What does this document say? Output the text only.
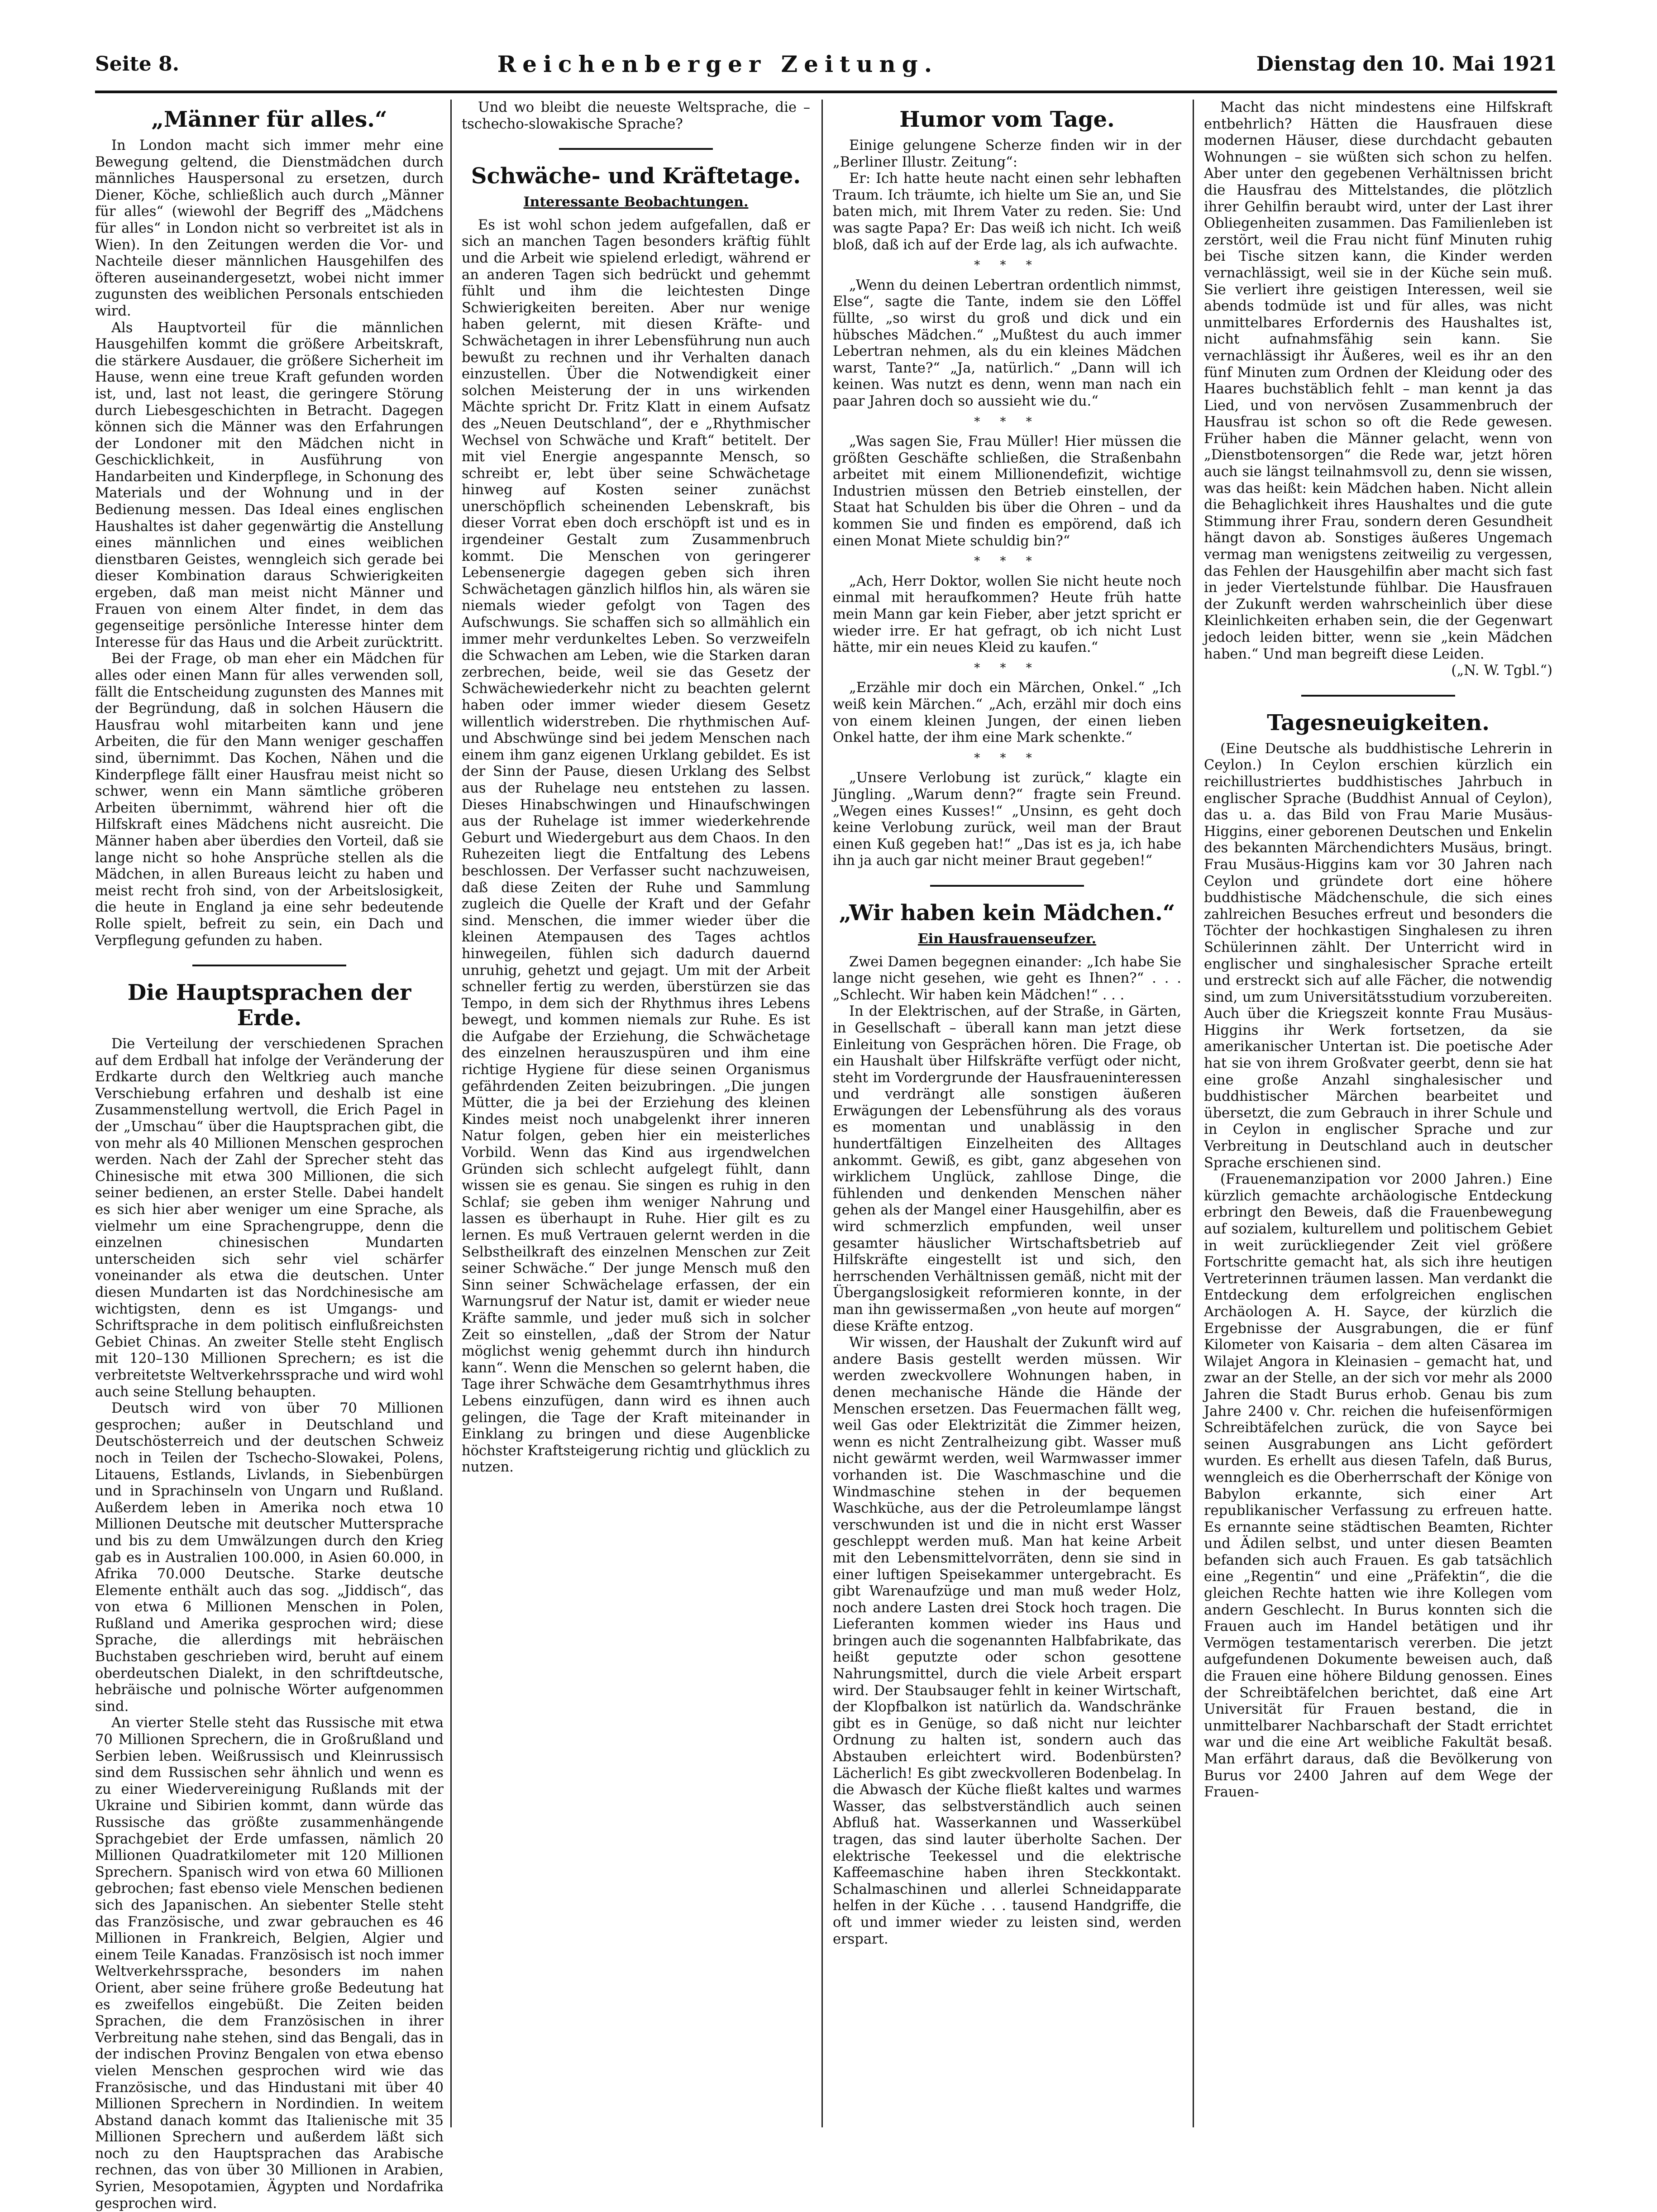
Seite 8.	Reichenberger Zeitung.	Dienstag den 10. Mai 1921
„Männer für alles.“

In London macht sich immer mehr eine Bewegung geltend, die Dienstmädchen durch männliches Hauspersonal zu ersetzen, durch Diener, Köche, schließlich auch durch „Männer für alles“ (wiewohl der Begriff des „Mädchens für alles“ in London nicht so verbreitet ist als in Wien). In den Zeitungen werden die Vor- und Nachteile dieser männlichen Hausgehilfen des öfteren auseinandergesetzt, wobei nicht immer zugunsten des weiblichen Personals entschieden wird.

Als Hauptvorteil für die männlichen Hausgehilfen kommt die größere Arbeitskraft, die stärkere Ausdauer, die größere Sicherheit im Hause, wenn eine treue Kraft gefunden worden ist, und, last not least, die geringere Störung durch Liebesgeschichten in Betracht. Dagegen können sich die Männer was den Erfahrungen der Londoner mit den Mädchen nicht in Geschicklichkeit, in Ausführung von Handarbeiten und Kinderpflege, in Schonung des Materials und der Wohnung und in der Bedienung messen. Das Ideal eines englischen Haushaltes ist daher gegenwärtig die Anstellung eines männlichen und eines weiblichen dienstbaren Geistes, wenngleich sich gerade bei dieser Kombination daraus Schwierigkeiten ergeben, daß man meist nicht Männer und Frauen von einem Alter findet, in dem das gegenseitige persönliche Interesse hinter dem Interesse für das Haus und die Arbeit zurücktritt.

Bei der Frage, ob man eher ein Mädchen für alles oder einen Mann für alles verwenden soll, fällt die Entscheidung zugunsten des Mannes mit der Begründung, daß in solchen Häusern die Hausfrau wohl mitarbeiten kann und jene Arbeiten, die für den Mann weniger geschaffen sind, übernimmt. Das Kochen, Nähen und die Kinderpflege fällt einer Hausfrau meist nicht so schwer, wenn ein Mann sämtliche gröberen Arbeiten übernimmt, während hier oft die Hilfskraft eines Mädchens nicht ausreicht. Die Männer haben aber überdies den Vorteil, daß sie lange nicht so hohe Ansprüche stellen als die Mädchen, in allen Bureaus leicht zu haben und meist recht froh sind, von der Arbeitslosigkeit, die heute in England ja eine sehr bedeutende Rolle spielt, befreit zu sein, ein Dach und Verpflegung gefunden zu haben.

Die Hauptsprachen der Erde.

Die Verteilung der verschiedenen Sprachen auf dem Erdball hat infolge der Veränderung der Erdkarte durch den Weltkrieg auch manche Verschiebung erfahren und deshalb ist eine Zusammenstellung wertvoll, die Erich Pagel in der „Umschau“ über die Hauptsprachen gibt, die von mehr als 40 Millionen Menschen gesprochen werden. Nach der Zahl der Sprecher steht das Chinesische mit etwa 300 Millionen, die sich seiner bedienen, an erster Stelle. Dabei handelt es sich hier aber weniger um eine Sprache, als vielmehr um eine Sprachengruppe, denn die einzelnen chinesischen Mundarten unterscheiden sich sehr viel schärfer voneinander als etwa die deutschen. Unter diesen Mundarten ist das Nordchinesische am wichtigsten, denn es ist Umgangs- und Schriftsprache in dem politisch einflußreichsten Gebiet Chinas. An zweiter Stelle steht Englisch mit 120–130 Millionen Sprechern; es ist die verbreitetste Weltverkehrssprache und wird wohl auch seine Stellung behaupten.

Deutsch wird von über 70 Millionen gesprochen; außer in Deutschland und Deutschösterreich und der deutschen Schweiz noch in Teilen der Tschecho-Slowakei, Polens, Litauens, Estlands, Livlands, in Siebenbürgen und in Sprachinseln von Ungarn und Rußland. Außerdem leben in Amerika noch etwa 10 Millionen Deutsche mit deutscher Muttersprache und bis zu dem Umwälzungen durch den Krieg gab es in Australien 100.000, in Asien 60.000, in Afrika 70.000 Deutsche. Starke deutsche Elemente enthält auch das sog. „Jiddisch“, das von etwa 6 Millionen Menschen in Polen, Rußland und Amerika gesprochen wird; diese Sprache, die allerdings mit hebräischen Buchstaben geschrieben wird, beruht auf einem oberdeutschen Dialekt, in den schriftdeutsche, hebräische und polnische Wörter aufgenommen sind.

An vierter Stelle steht das Russische mit etwa 70 Millionen Sprechern, die in Großrußland und Serbien leben. Weißrussisch und Kleinrussisch sind dem Russischen sehr ähnlich und wenn es zu einer Wiedervereinigung Rußlands mit der Ukraine und Sibirien kommt, dann würde das Russische das größte zusammenhängende Sprachgebiet der Erde umfassen, nämlich 20 Millionen Quadratkilometer mit 120 Millionen Sprechern. Spanisch wird von etwa 60 Millionen gebrochen; fast ebenso viele Menschen bedienen sich des Japanischen. An siebenter Stelle steht das Französische, und zwar gebrauchen es 46 Millionen in Frankreich, Belgien, Algier und einem Teile Kanadas. Französisch ist noch immer Weltverkehrssprache, besonders im nahen Orient, aber seine frühere große Bedeutung hat es zweifellos eingebüßt. Die Zeiten beiden Sprachen, die dem Französischen in ihrer Verbreitung nahe stehen, sind das Bengali, das in der indischen Provinz Bengalen von etwa ebenso vielen Menschen gesprochen wird wie das Französische, und das Hindustani mit über 40 Millionen Sprechern in Nordindien. In weitem Abstand danach kommt das Italienische mit 35 Millionen Sprechern und außerdem läßt sich noch zu den Hauptsprachen das Arabische rechnen, das von über 30 Millionen in Arabien, Syrien, Mesopotamien, Ägypten und Nordafrika gesprochen wird.

Und wo bleibt die neueste Weltsprache, die – tschecho-slowakische Sprache?

Schwäche- und Kräftetage.
Interessante Beobachtungen.

Es ist wohl schon jedem aufgefallen, daß er sich an manchen Tagen besonders kräftig fühlt und die Arbeit wie spielend erledigt, während er an anderen Tagen sich bedrückt und gehemmt fühlt und ihm die leichtesten Dinge Schwierigkeiten bereiten. Aber nur wenige haben gelernt, mit diesen Kräfte- und Schwächetagen in ihrer Lebensführung nun auch bewußt zu rechnen und ihr Verhalten danach einzustellen. Über die Notwendigkeit einer solchen Meisterung der in uns wirkenden Mächte spricht Dr. Fritz Klatt in einem Aufsatz des „Neuen Deutschland“, der e „Rhythmischer Wechsel von Schwäche und Kraft“ betitelt. Der mit viel Energie angespannte Mensch, so schreibt er, lebt über seine Schwächetage hinweg auf Kosten seiner zunächst unerschöpflich scheinenden Lebenskraft, bis dieser Vorrat eben doch erschöpft ist und es in irgendeiner Gestalt zum Zusammenbruch kommt. Die Menschen von geringerer Lebensenergie dagegen geben sich ihren Schwächetagen gänzlich hilflos hin, als wären sie niemals wieder gefolgt von Tagen des Aufschwungs. Sie schaffen sich so allmählich ein immer mehr verdunkeltes Leben. So verzweifeln die Schwachen am Leben, wie die Starken daran zerbrechen, beide, weil sie das Gesetz der Schwächewiederkehr nicht zu beachten gelernt haben oder immer wieder diesem Gesetz willentlich widerstreben. Die rhythmischen Auf- und Abschwünge sind bei jedem Menschen nach einem ihm ganz eigenen Urklang gebildet. Es ist der Sinn der Pause, diesen Urklang des Selbst aus der Ruhelage neu entstehen zu lassen. Dieses Hinabschwingen und Hinaufschwingen aus der Ruhelage ist immer wiederkehrende Geburt und Wiedergeburt aus dem Chaos. In den Ruhezeiten liegt die Entfaltung des Lebens beschlossen. Der Verfasser sucht nachzuweisen, daß diese Zeiten der Ruhe und Sammlung zugleich die Quelle der Kraft und der Gefahr sind. Menschen, die immer wieder über die kleinen Atempausen des Tages achtlos hinwegeilen, fühlen sich dadurch dauernd unruhig, gehetzt und gejagt. Um mit der Arbeit schneller fertig zu werden, überstürzen sie das Tempo, in dem sich der Rhythmus ihres Lebens bewegt, und kommen niemals zur Ruhe. Es ist die Aufgabe der Erziehung, die Schwächetage des einzelnen herauszuspüren und ihm eine richtige Hygiene für diese seinen Organismus gefährdenden Zeiten beizubringen. „Die jungen Mütter, die ja bei der Erziehung des kleinen Kindes meist noch unabgelenkt ihrer inneren Natur folgen, geben hier ein meisterliches Vorbild. Wenn das Kind aus irgendwelchen Gründen sich schlecht aufgelegt fühlt, dann wissen sie es genau. Sie singen es ruhig in den Schlaf; sie geben ihm weniger Nahrung und lassen es überhaupt in Ruhe. Hier gilt es zu lernen. Es muß Vertrauen gelernt werden in die Selbstheilkraft des einzelnen Menschen zur Zeit seiner Schwäche.“ Der junge Mensch muß den Sinn seiner Schwächelage erfassen, der ein Warnungsruf der Natur ist, damit er wieder neue Kräfte sammle, und jeder muß sich in solcher Zeit so einstellen, „daß der Strom der Natur möglichst wenig gehemmt durch ihn hindurch kann“. Wenn die Menschen so gelernt haben, die Tage ihrer Schwäche dem Gesamtrhythmus ihres Lebens einzufügen, dann wird es ihnen auch gelingen, die Tage der Kraft miteinander in Einklang zu bringen und diese Augenblicke höchster Kraftsteigerung richtig und glücklich zu nutzen.

Humor vom Tage.

Einige gelungene Scherze finden wir in der „Berliner Illustr. Zeitung“:

Er: Ich hatte heute nacht einen sehr lebhaften Traum. Ich träumte, ich hielte um Sie an, und Sie baten mich, mit Ihrem Vater zu reden. Sie: Und was sagte Papa? Er: Das weiß ich nicht. Ich weiß bloß, daß ich auf der Erde lag, als ich aufwachte.

* * *

„Wenn du deinen Lebertran ordentlich nimmst, Else“, sagte die Tante, indem sie den Löffel füllte, „so wirst du groß und dick und ein hübsches Mädchen.“ „Mußtest du auch immer Lebertran nehmen, als du ein kleines Mädchen warst, Tante?“ „Ja, natürlich.“ „Dann will ich keinen. Was nutzt es denn, wenn man nach ein paar Jahren doch so aussieht wie du.“

* * *

„Was sagen Sie, Frau Müller! Hier müssen die größten Geschäfte schließen, die Straßenbahn arbeitet mit einem Millionendefizit, wichtige Industrien müssen den Betrieb einstellen, der Staat hat Schulden bis über die Ohren – und da kommen Sie und finden es empörend, daß ich einen Monat Miete schuldig bin?“

* * *

„Ach, Herr Doktor, wollen Sie nicht heute noch einmal mit heraufkommen? Heute früh hatte mein Mann gar kein Fieber, aber jetzt spricht er wieder irre. Er hat gefragt, ob ich nicht Lust hätte, mir ein neues Kleid zu kaufen.“

* * *

„Erzähle mir doch ein Märchen, Onkel.“ „Ich weiß kein Märchen.“ „Ach, erzähl mir doch eins von einem kleinen Jungen, der einen lieben Onkel hatte, der ihm eine Mark schenkte.“

* * *

„Unsere Verlobung ist zurück,“ klagte ein Jüngling. „Warum denn?“ fragte sein Freund. „Wegen eines Kusses!“ „Unsinn, es geht doch keine Verlobung zurück, weil man der Braut einen Kuß gegeben hat!“ „Das ist es ja, ich habe ihn ja auch gar nicht meiner Braut gegeben!“

„Wir haben kein Mädchen.“
Ein Hausfrauenseufzer.

Zwei Damen begegnen einander: „Ich habe Sie lange nicht gesehen, wie geht es Ihnen?“ . . . „Schlecht. Wir haben kein Mädchen!“ . . .

In der Elektrischen, auf der Straße, in Gärten, in Gesellschaft – überall kann man jetzt diese Einleitung von Gesprächen hören. Die Frage, ob ein Haushalt über Hilfskräfte verfügt oder nicht, steht im Vordergrunde der Hausfraueninteressen und verdrängt alle sonstigen äußeren Erwägungen der Lebensführung als des voraus es momentan und unablässig in den hundertfältigen Einzelheiten des Alltages ankommt. Gewiß, es gibt, ganz abgesehen von wirklichem Unglück, zahllose Dinge, die fühlenden und denkenden Menschen näher gehen als der Mangel einer Hausgehilfin, aber es wird schmerzlich empfunden, weil unser gesamter häuslicher Wirtschaftsbetrieb auf Hilfskräfte eingestellt ist und sich, den herrschenden Verhältnissen gemäß, nicht mit der Übergangslosigkeit reformieren konnte, in der man ihn gewissermaßen „von heute auf morgen“ diese Kräfte entzog.

Wir wissen, der Haushalt der Zukunft wird auf andere Basis gestellt werden müssen. Wir werden zweckvollere Wohnungen haben, in denen mechanische Hände die Hände der Menschen ersetzen. Das Feuermachen fällt weg, weil Gas oder Elektrizität die Zimmer heizen, wenn es nicht Zentralheizung gibt. Wasser muß nicht gewärmt werden, weil Warmwasser immer vorhanden ist. Die Waschmaschine und die Windmaschine stehen in der bequemen Waschküche, aus der die Petroleumlampe längst verschwunden ist und die in nicht erst Wasser geschleppt werden muß. Man hat keine Arbeit mit den Lebensmittelvorräten, denn sie sind in einer luftigen Speisekammer untergebracht. Es gibt Warenaufzüge und man muß weder Holz, noch andere Lasten drei Stock hoch tragen. Die Lieferanten kommen wieder ins Haus und bringen auch die sogenannten Halbfabrikate, das heißt geputzte oder schon gesottene Nahrungsmittel, durch die viele Arbeit erspart wird. Der Staubsauger fehlt in keiner Wirtschaft, der Klopfbalkon ist natürlich da. Wandschränke gibt es in Genüge, so daß nicht nur leichter Ordnung zu halten ist, sondern auch das Abstauben erleichtert wird. Bodenbürsten? Lächerlich! Es gibt zweckvolleren Bodenbelag. In die Abwasch der Küche fließt kaltes und warmes Wasser, das selbstverständlich auch seinen Abfluß hat. Wasserkannen und Wasserkübel tragen, das sind lauter überholte Sachen. Der elektrische Teekessel und die elektrische Kaffeemaschine haben ihren Steckkontakt. Schalmaschinen und allerlei Schneidapparate helfen in der Küche . . . tausend Handgriffe, die oft und immer wieder zu leisten sind, werden erspart.

Macht das nicht mindestens eine Hilfskraft entbehrlich? Hätten die Hausfrauen diese modernen Häuser, diese durchdacht gebauten Wohnungen – sie wüßten sich schon zu helfen. Aber unter den gegebenen Verhältnissen bricht die Hausfrau des Mittelstandes, die plötzlich ihrer Gehilfin beraubt wird, unter der Last ihrer Obliegenheiten zusammen. Das Familienleben ist zerstört, weil die Frau nicht fünf Minuten ruhig bei Tische sitzen kann, die Kinder werden vernachlässigt, weil sie in der Küche sein muß. Sie verliert ihre geistigen Interessen, weil sie abends todmüde ist und für alles, was nicht unmittelbares Erfordernis des Haushaltes ist, nicht aufnahmsfähig sein kann. Sie vernachlässigt ihr Äußeres, weil es ihr an den fünf Minuten zum Ordnen der Kleidung oder des Haares buchstäblich fehlt – man kennt ja das Lied, und von nervösen Zusammenbruch der Hausfrau ist schon so oft die Rede gewesen. Früher haben die Männer gelacht, wenn von „Dienstbotensorgen“ die Rede war, jetzt hören auch sie längst teilnahmsvoll zu, denn sie wissen, was das heißt: kein Mädchen haben. Nicht allein die Behaglichkeit ihres Haushaltes und die gute Stimmung ihrer Frau, sondern deren Gesundheit hängt davon ab. Sonstiges äußeres Ungemach vermag man wenigstens zeitweilig zu vergessen, das Fehlen der Hausgehilfin aber macht sich fast in jeder Viertelstunde fühlbar. Die Hausfrauen der Zukunft werden wahrscheinlich über diese Kleinlichkeiten erhaben sein, die der Gegenwart jedoch leiden bitter, wenn sie „kein Mädchen haben.“ Und man begreift diese Leiden.

(„N. W. Tgbl.“)

Tagesneuigkeiten.

(Eine Deutsche als buddhistische Lehrerin in Ceylon.) In Ceylon erschien kürzlich ein reichillustriertes buddhistisches Jahrbuch in englischer Sprache (Buddhist Annual of Ceylon), das u. a. das Bild von Frau Marie Musäus-Higgins, einer geborenen Deutschen und Enkelin des bekannten Märchendichters Musäus, bringt. Frau Musäus-Higgins kam vor 30 Jahren nach Ceylon und gründete dort eine höhere buddhistische Mädchenschule, die sich eines zahlreichen Besuches erfreut und besonders die Töchter der hochkastigen Singhalesen zu ihren Schülerinnen zählt. Der Unterricht wird in englischer und singhalesischer Sprache erteilt und erstreckt sich auf alle Fächer, die notwendig sind, um zum Universitätsstudium vorzubereiten. Auch über die Kriegszeit konnte Frau Musäus-Higgins ihr Werk fortsetzen, da sie amerikanischer Untertan ist. Die poetische Ader hat sie von ihrem Großvater geerbt, denn sie hat eine große Anzahl singhalesischer und buddhistischer Märchen bearbeitet und übersetzt, die zum Gebrauch in ihrer Schule und in Ceylon in englischer Sprache und zur Verbreitung in Deutschland auch in deutscher Sprache erschienen sind.

(Frauenemanzipation vor 2000 Jahren.) Eine kürzlich gemachte archäologische Entdeckung erbringt den Beweis, daß die Frauenbewegung auf sozialem, kulturellem und politischem Gebiet in weit zurückliegender Zeit viel größere Fortschritte gemacht hat, als sich ihre heutigen Vertreterinnen träumen lassen. Man verdankt die Entdeckung dem erfolgreichen englischen Archäologen A. H. Sayce, der kürzlich die Ergebnisse der Ausgrabungen, die er fünf Kilometer von Kaisaria – dem alten Cäsarea im Wilajet Angora in Kleinasien – gemacht hat, und zwar an der Stelle, an der sich vor mehr als 2000 Jahren die Stadt Burus erhob. Genau bis zum Jahre 2400 v. Chr. reichen die hufeisenförmigen Schreibtäfelchen zurück, die von Sayce bei seinen Ausgrabungen ans Licht gefördert wurden. Es erhellt aus diesen Tafeln, daß Burus, wenngleich es die Oberherrschaft der Könige von Babylon erkannte, sich einer Art republikanischer Verfassung zu erfreuen hatte. Es ernannte seine städtischen Beamten, Richter und Ädilen selbst, und unter diesen Beamten befanden sich auch Frauen. Es gab tatsächlich eine „Regentin“ und eine „Präfektin“, die die gleichen Rechte hatten wie ihre Kollegen vom andern Geschlecht. In Burus konnten sich die Frauen auch im Handel betätigen und ihr Vermögen testamentarisch vererben. Die jetzt aufgefundenen Dokumente beweisen auch, daß die Frauen eine höhere Bildung genossen. Eines der Schreibtäfelchen berichtet, daß eine Art Universität für Frauen bestand, die in unmittelbarer Nachbarschaft der Stadt errichtet war und die eine Art weibliche Fakultät besaß. Man erfährt daraus, daß die Bevölkerung von Burus vor 2400 Jahren auf dem Wege der Frauen-
